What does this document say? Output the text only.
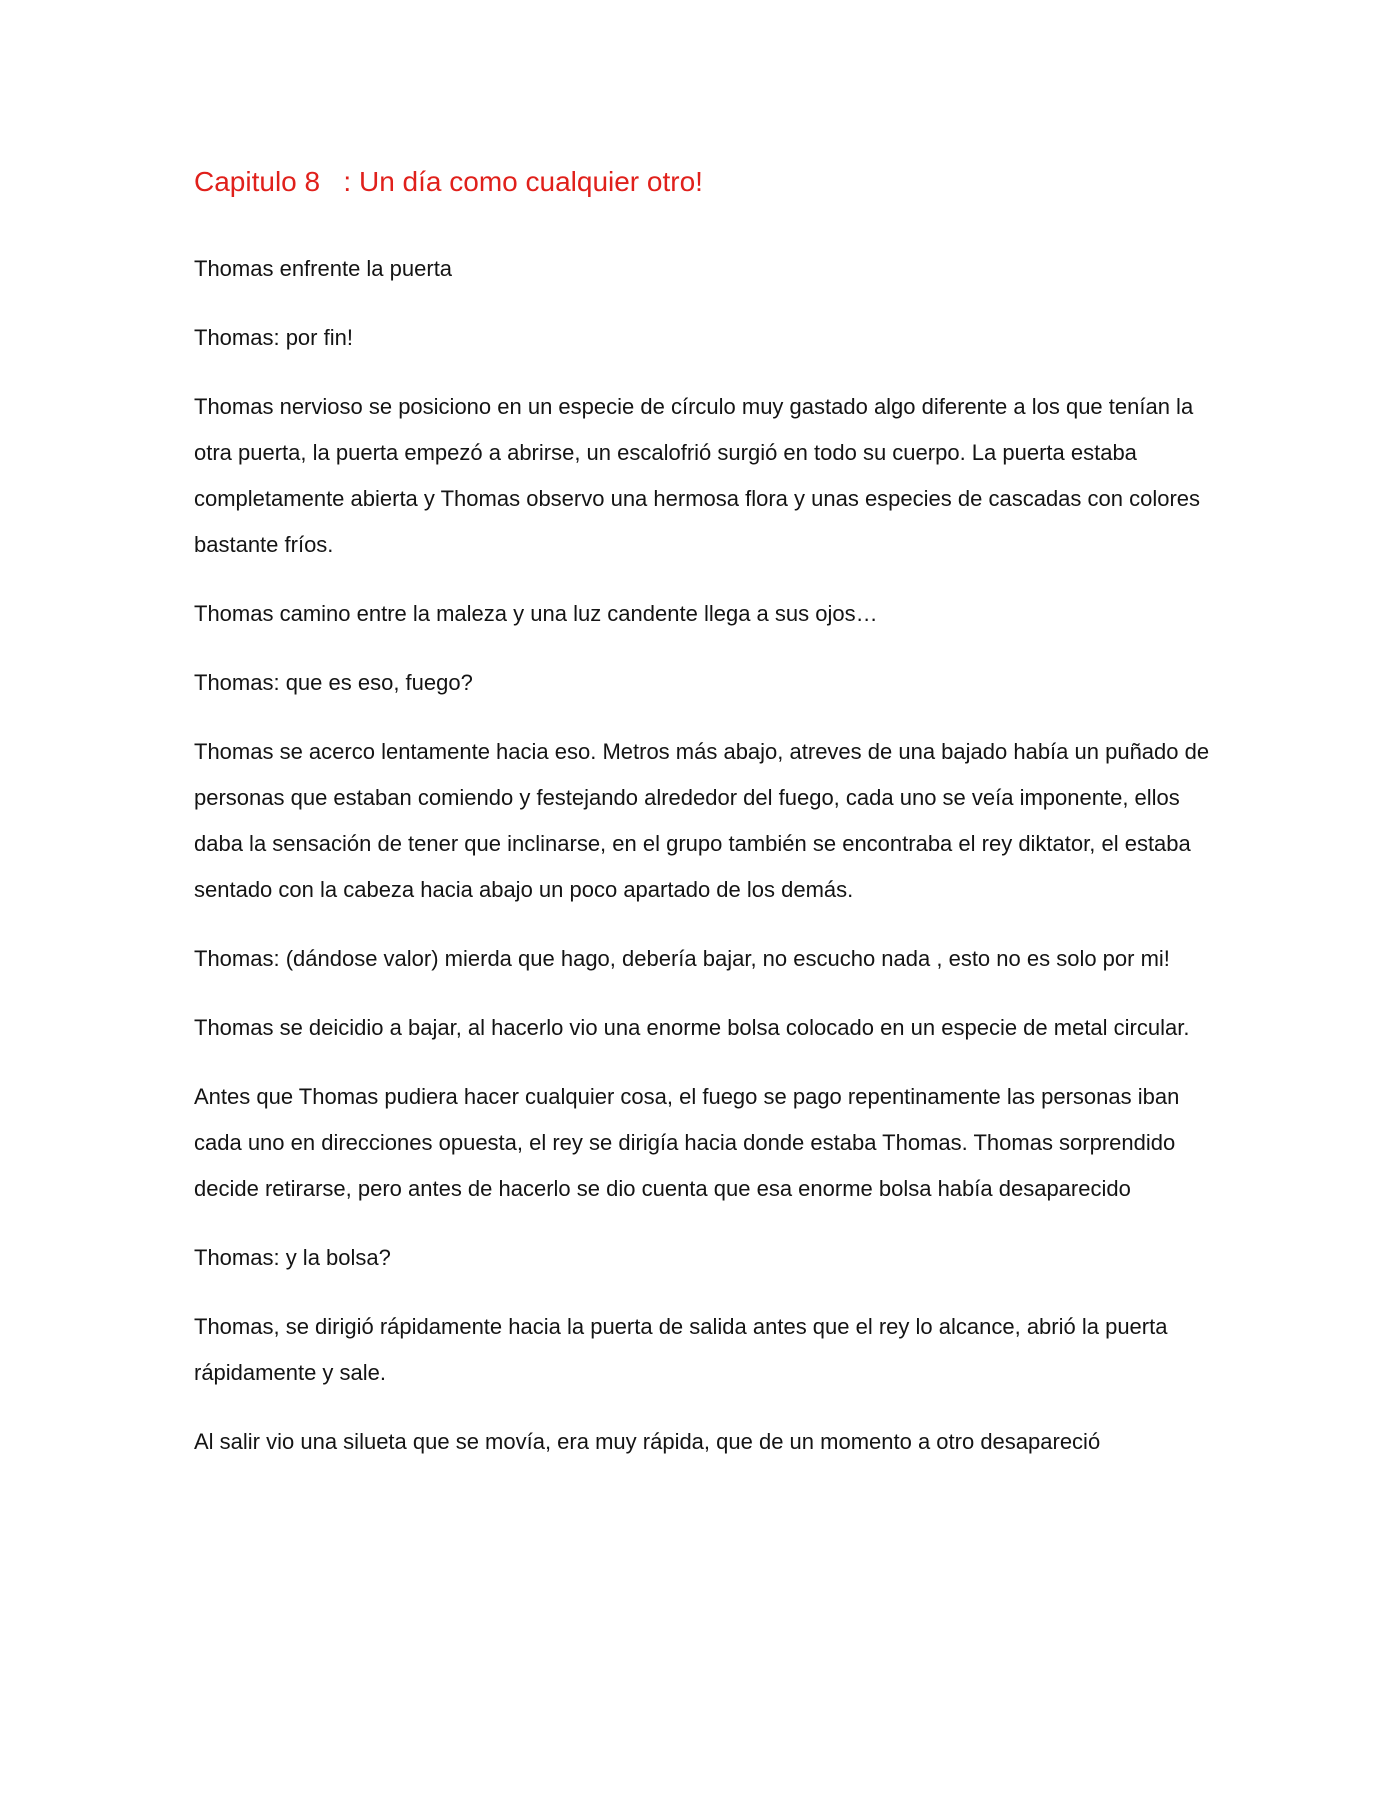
Capitulo 8   : Un día como cualquier otro!

Thomas enfrente la puerta

Thomas: por fin!

Thomas nervioso se posiciono en un especie de círculo muy gastado algo diferente a los que tenían la otra puerta, la puerta empezó a abrirse, un escalofrió surgió en todo su cuerpo. La puerta estaba completamente abierta y Thomas observo una hermosa flora y unas especies de cascadas con colores bastante fríos.

Thomas camino entre la maleza y una luz candente llega a sus ojos…

Thomas: que es eso, fuego?

Thomas se acerco lentamente hacia eso. Metros más abajo, atreves de una bajado había un puñado de personas que estaban comiendo y festejando alrededor del fuego, cada uno se veía imponente, ellos daba la sensación de tener que inclinarse, en el grupo también se encontraba el rey diktator, el estaba sentado con la cabeza hacia abajo un poco apartado de los demás.

Thomas: (dándose valor) mierda que hago, debería bajar, no escucho nada , esto no es solo por mi!

Thomas se deicidio a bajar, al hacerlo vio una enorme bolsa colocado en un especie de metal circular.

Antes que Thomas pudiera hacer cualquier cosa, el fuego se pago repentinamente las personas iban cada uno en direcciones opuesta, el rey se dirigía hacia donde estaba Thomas. Thomas sorprendido decide retirarse, pero antes de hacerlo se dio cuenta que esa enorme bolsa había desaparecido

Thomas: y la bolsa?

Thomas, se dirigió rápidamente hacia la puerta de salida antes que el rey lo alcance, abrió la puerta rápidamente y sale.

Al salir vio una silueta que se movía, era muy rápida, que de un momento a otro desapareció
